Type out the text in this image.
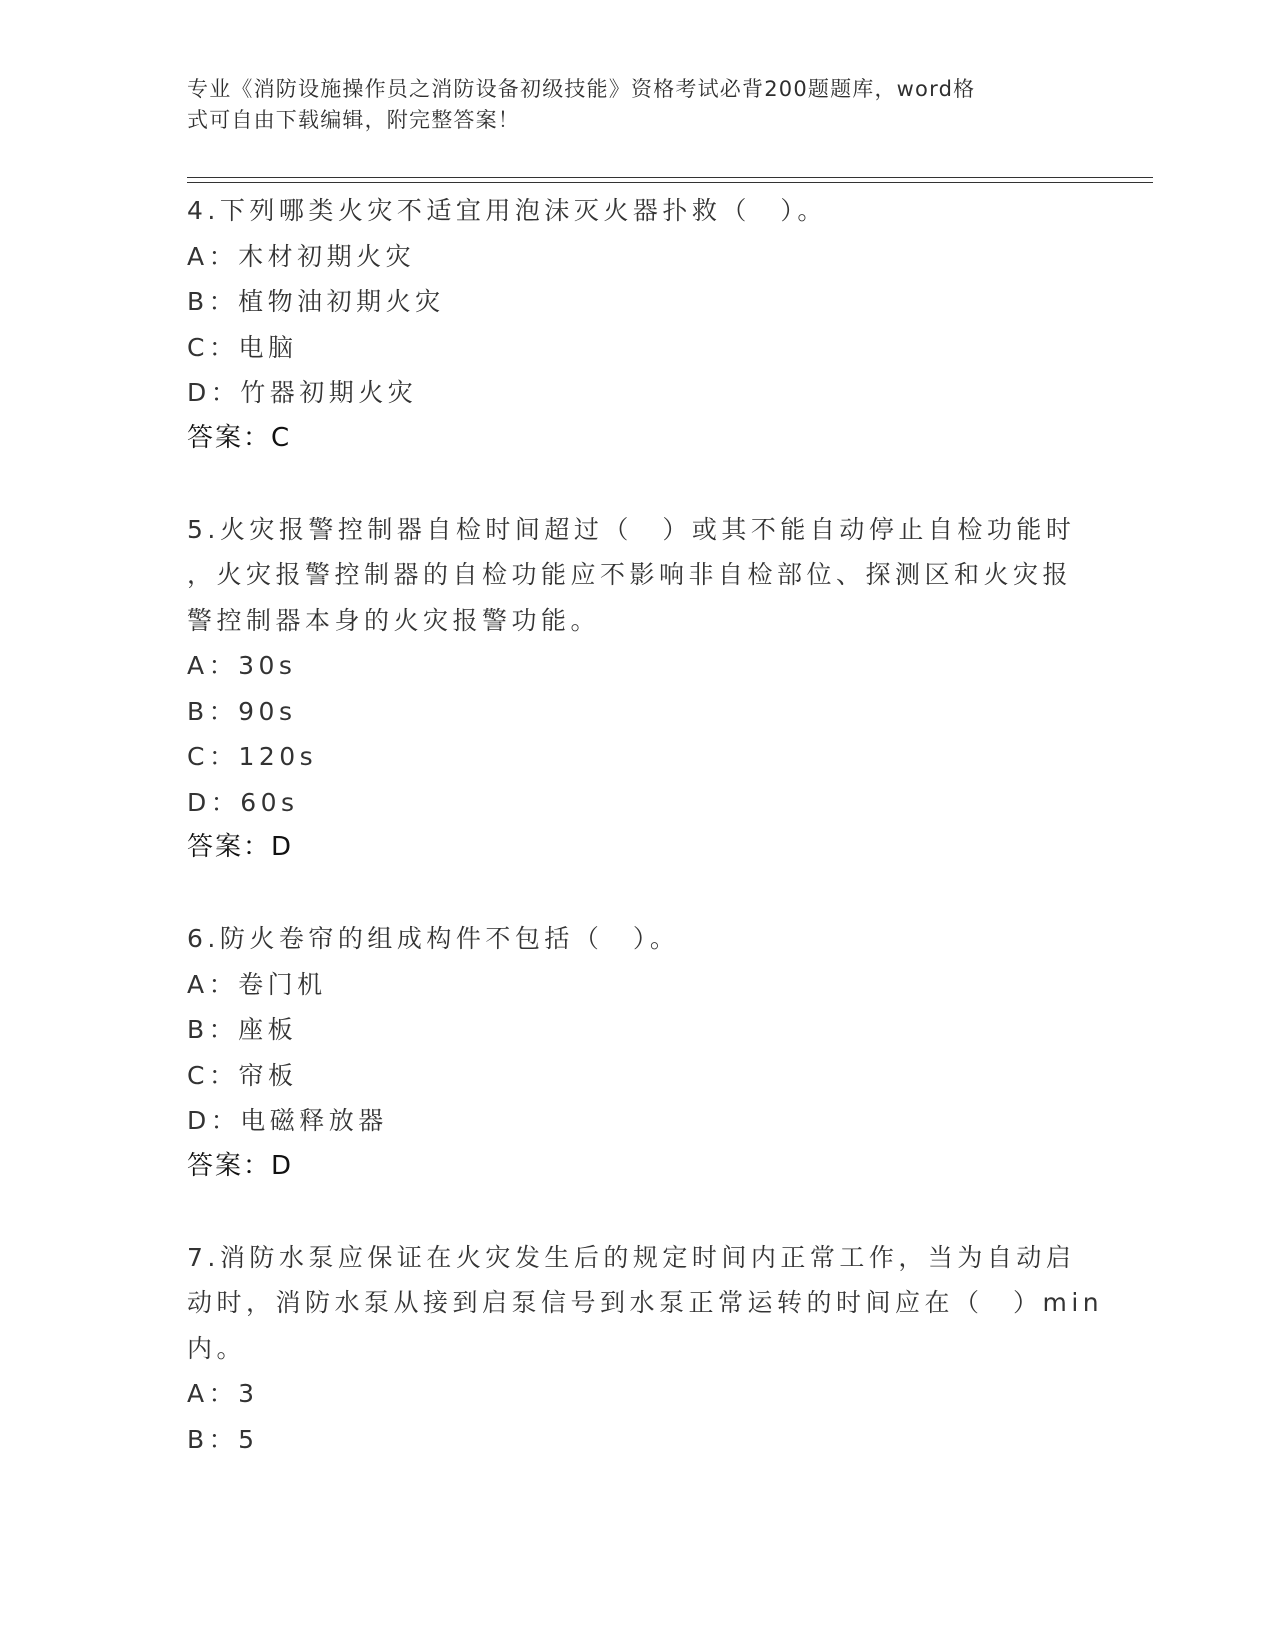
专业《消防设施操作员之消防设备初级技能》资格考试必背200题题库，word格
式可自由下载编辑，附完整答案！
4.下列哪类火灾不适宜用泡沫灭火器扑救（　）。
A：木材初期火灾
B：植物油初期火灾
C：电脑
D：竹器初期火灾
答案：C
5.火灾报警控制器自检时间超过（　）或其不能自动停止自检功能时
，火灾报警控制器的自检功能应不影响非自检部位、探测区和火灾报
警控制器本身的火灾报警功能。
A：30s
B：90s
C：120s
D：60s
答案：D
6.防火卷帘的组成构件不包括（　）。
A：卷门机
B：座板
C：帘板
D：电磁释放器
答案：D
7.消防水泵应保证在火灾发生后的规定时间内正常工作，当为自动启
动时，消防水泵从接到启泵信号到水泵正常运转的时间应在（　）min
内。
A：3
B：5
